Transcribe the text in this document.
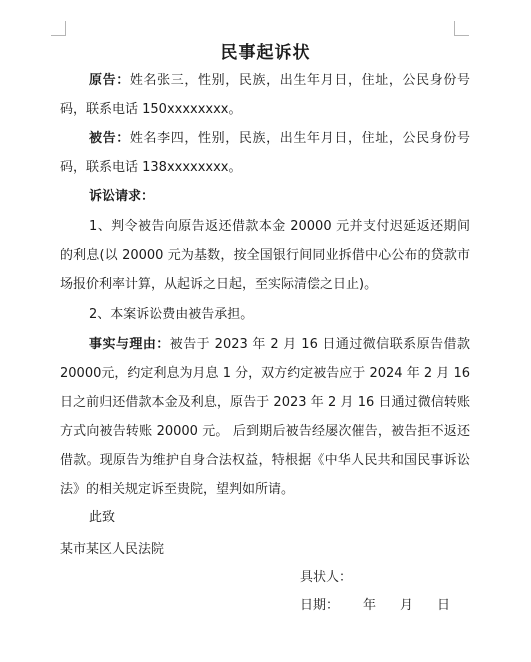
民事起诉状
原告：姓名张三，性别，民族，出生年月日，住址，公民身份号码，联系电话 150xxxxxxxx。
被告：姓名李四，性别，民族，出生年月日，住址，公民身份号码，联系电话 138xxxxxxxx。
诉讼请求：
1、判令被告向原告返还借款本金 20000 元并支付迟延返还期间的利息(以 20000 元为基数，按全国银行间同业拆借中心公布的贷款市场报价利率计算，从起诉之日起，至实际清偿之日止)。
2、本案诉讼费由被告承担。
事实与理由：被告于 2023 年 2 月 16 日通过微信联系原告借款20000元，约定利息为月息 1 分，双方约定被告应于 2024 年 2 月 16 日之前归还借款本金及利息，原告于 2023 年 2 月 16 日通过微信转账方式向被告转账 20000 元。 后到期后被告经屡次催告，被告拒不返还借款。现原告为维护自身合法权益，特根据《中华人民共和国民事诉讼法》的相关规定诉至贵院，望判如所请。
此致
某市某区人民法院
具状人：
日期： 年 月 日
